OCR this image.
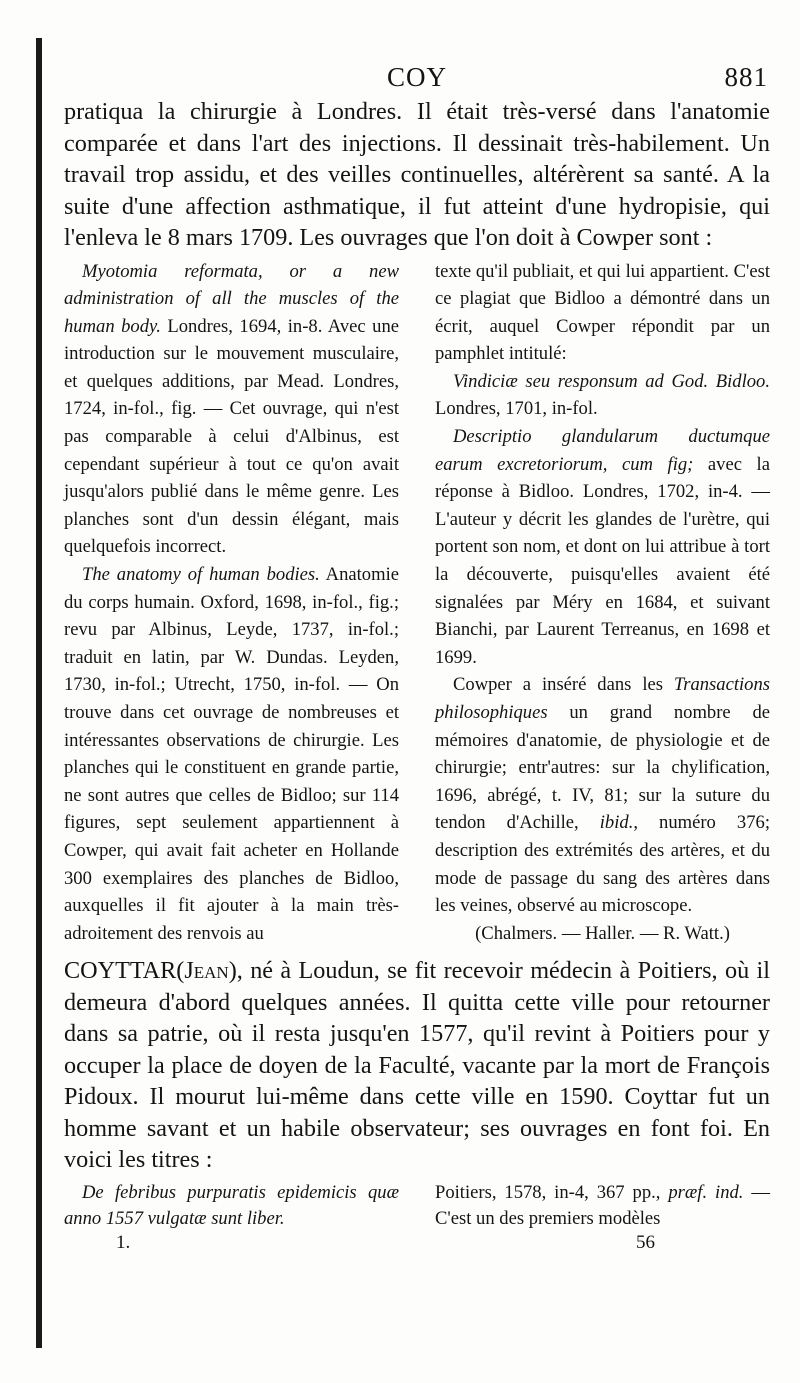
COY	881

pratiqua la chirurgie à Londres. Il était très-versé dans l'anatomie comparée et dans l'art des injections. Il dessinait très-habilement. Un travail trop assidu, et des veilles continuelles, altérèrent sa santé. A la suite d'une affection asthmatique, il fut atteint d'une hydropisie, qui l'enleva le 8 mars 1709. Les ouvrages que l'on doit à Cowper sont :

Myotomia reformata, or a new administration of all the muscles of the human body. Londres, 1694, in-8. Avec une introduction sur le mouvement musculaire, et quelques additions, par Mead. Londres, 1724, in-fol., fig. — Cet ouvrage, qui n'est pas comparable à celui d'Albinus, est cependant supérieur à tout ce qu'on avait jusqu'alors publié dans le même genre. Les planches sont d'un dessin élégant, mais quelquefois incorrect.

The anatomy of human bodies. Anatomie du corps humain. Oxford, 1698, in-fol., fig.; revu par Albinus, Leyde, 1737, in-fol.; traduit en latin, par W. Dundas. Leyden, 1730, in-fol.; Utrecht, 1750, in-fol. — On trouve dans cet ouvrage de nombreuses et intéressantes observations de chirurgie. Les planches qui le constituent en grande partie, ne sont autres que celles de Bidloo; sur 114 figures, sept seulement appartiennent à Cowper, qui avait fait acheter en Hollande 300 exemplaires des planches de Bidloo, auxquelles il fit ajouter à la main très-adroitement des renvois au

texte qu'il publiait, et qui lui appartient. C'est ce plagiat que Bidloo a démontré dans un écrit, auquel Cowper répondit par un pamphlet intitulé:

Vindiciæ seu responsum ad God. Bidloo. Londres, 1701, in-fol.

Descriptio glandularum ductumque earum excretoriorum, cum fig; avec la réponse à Bidloo. Londres, 1702, in-4. — L'auteur y décrit les glandes de l'urètre, qui portent son nom, et dont on lui attribue à tort la découverte, puisqu'elles avaient été signalées par Méry en 1684, et suivant Bianchi, par Laurent Terreanus, en 1698 et 1699.

Cowper a inséré dans les Transactions philosophiques un grand nombre de mémoires d'anatomie, de physiologie et de chirurgie; entr'autres: sur la chylification, 1696, abrégé, t. IV, 81; sur la suture du tendon d'Achille, ibid., numéro 376; description des extrémités des artères, et du mode de passage du sang des artères dans les veines, observé au microscope.

(Chalmers. — Haller. — R. Watt.)

COYTTAR(Jean), né à Loudun, se fit recevoir médecin à Poitiers, où il demeura d'abord quelques années. Il quitta cette ville pour retourner dans sa patrie, où il resta jusqu'en 1577, qu'il revint à Poitiers pour y occuper la place de doyen de la Faculté, vacante par la mort de François Pidoux. Il mourut lui-même dans cette ville en 1590. Coyttar fut un homme savant et un habile observateur; ses ouvrages en font foi. En voici les titres :

De febribus purpuratis epidemicis quæ anno 1557 vulgatæ sunt liber.

Poitiers, 1578, in-4, 367 pp., præf. ind. — C'est un des premiers modèles

1.	56
